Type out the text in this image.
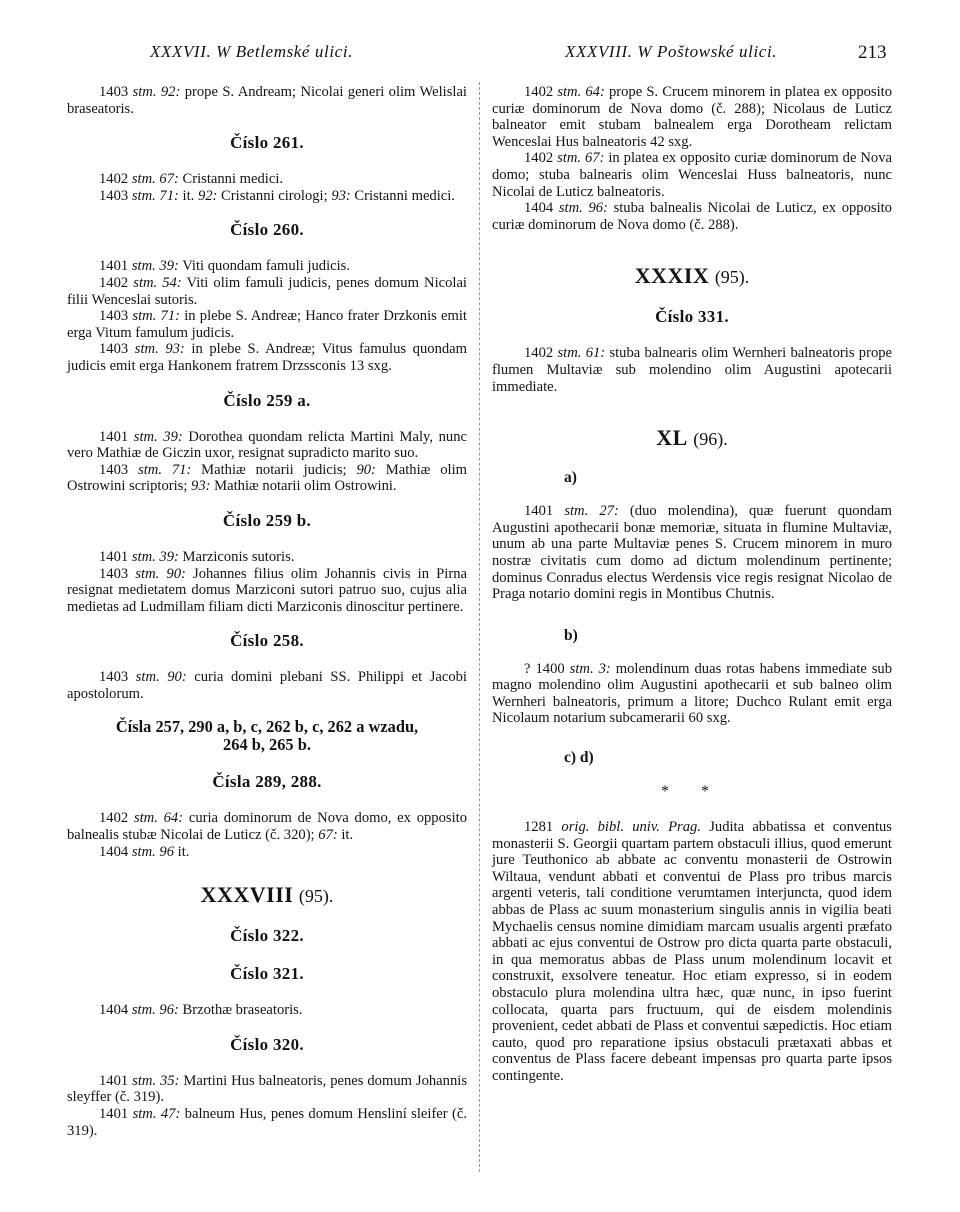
XXXVII. W Betlemské ulici.	XXXVIII. W Poštowské ulici.	213

1403 stm. 92: prope S. Andream; Nicolai generi olim Welislai braseatoris.

Číslo 261.

1402 stm. 67: Cristanni medici.

1403 stm. 71: it. 92: Cristanni cirologi; 93: Cristanni medici.

Číslo 260.

1401 stm. 39: Viti quondam famuli judicis.

1402 stm. 54: Viti olim famuli judicis, penes domum Nicolai filii Wenceslai sutoris.

1403 stm. 71: in plebe S. Andreæ; Hanco frater Drzkonis emit erga Vitum famulum judicis.

1403 stm. 93: in plebe S. Andreæ; Vitus famulus quondam judicis emit erga Hankonem fratrem Drzssconis 13 sxg.

Číslo 259 a.

1401 stm. 39: Dorothea quondam relicta Martini Maly, nunc vero Mathiæ de Giczin uxor, resignat supradicto marito suo.

1403 stm. 71: Mathiæ notarii judicis; 90: Mathiæ olim Ostrowini scriptoris; 93: Mathiæ notarii olim Ostrowini.

Číslo 259 b.

1401 stm. 39: Marziconis sutoris.

1403 stm. 90: Johannes filius olim Johannis civis in Pirna resignat medietatem domus Marziconi sutori patruo suo, cujus alia medietas ad Ludmillam filiam dicti Marziconis dinoscitur pertinere.

Číslo 258.

1403 stm. 90: curia domini plebani SS. Philippi et Jacobi apostolorum.

Čísla 257, 290 a, b, c, 262 b, c, 262 a wzadu,
264 b, 265 b.
Čísla 289, 288.

1402 stm. 64: curia dominorum de Nova domo, ex opposito balnealis stubæ Nicolai de Luticz (č. 320); 67: it.

1404 stm. 96 it.

XXXVIII (95).
Číslo 322.
Číslo 321.

1404 stm. 96: Brzothæ braseatoris.

Číslo 320.

1401 stm. 35: Martini Hus balneatoris, penes domum Johannis sleyffer (č. 319).

1401 stm. 47: balneum Hus, penes domum Hensliní sleifer (č. 319).

1402 stm. 64: prope S. Crucem minorem in platea ex opposito curiæ dominorum de Nova domo (č. 288); Nicolaus de Luticz balneator emit stubam balnealem erga Dorotheam relictam Wenceslai Hus balneatoris 42 sxg.

1402 stm. 67: in platea ex opposito curiæ dominorum de Nova domo; stuba balnearis olim Wenceslai Huss balneatoris, nunc Nicolai de Luticz balneatoris.

1404 stm. 96: stuba balnealis Nicolai de Luticz, ex opposito curiæ dominorum de Nova domo (č. 288).

XXXIX (95).
Číslo 331.

1402 stm. 61: stuba balnearis olim Wernheri balneatoris prope flumen Multaviæ sub molendino olim Augustini apotecarii immediate.

XL (96).
a)

1401 stm. 27: (duo molendina), quæ fuerunt quondam Augustini apothecarii bonæ memoriæ, situata in flumine Multaviæ, unum ab una parte Multaviæ penes S. Crucem minorem in muro nostræ civitatis cum domo ad dictum molendinum pertinente; dominus Conradus electus Werdensis vice regis resignat Nicolao de Praga notario domini regis in Montibus Chutnis.

b)

? 1400 stm. 3: molendinum duas rotas habens immediate sub magno molendino olim Augustini apothecarii et sub balneo olim Wernheri balneatoris, primum a litore; Duchco Rulant emit erga Nicolaum notarium subcamerarii 60 sxg.

c) d)
* *

1281 orig. bibl. univ. Prag. Judita abbatissa et conventus monasterii S. Georgii quartam partem obstaculi illius, quod emerunt jure Teuthonico ab abbate ac conventu monasterii de Ostrowin Wiltaua, vendunt abbati et conventui de Plass pro tribus marcis argenti veteris, tali conditione verumtamen interjuncta, quod idem abbas de Plass ac suum monasterium singulis annis in vigilia beati Mychaelis census nomine dimidiam marcam usualis argenti præfato abbati ac ejus conventui de Ostrow pro dicta quarta parte obstaculi, in qua memoratus abbas de Plass unum molendinum locavit et construxit, exsolvere teneatur. Hoc etiam expresso, si in eodem obstaculo plura molendina ultra hæc, quæ nunc, in ipso fuerint collocata, quarta pars fructuum, qui de eisdem molendinis provenient, cedet abbati de Plass et conventui sæpedictis. Hoc etiam cauto, quod pro reparatione ipsius obstaculi prætaxati abbas et conventus de Plass facere debeant impensas pro quarta parte ipsos contingente.
